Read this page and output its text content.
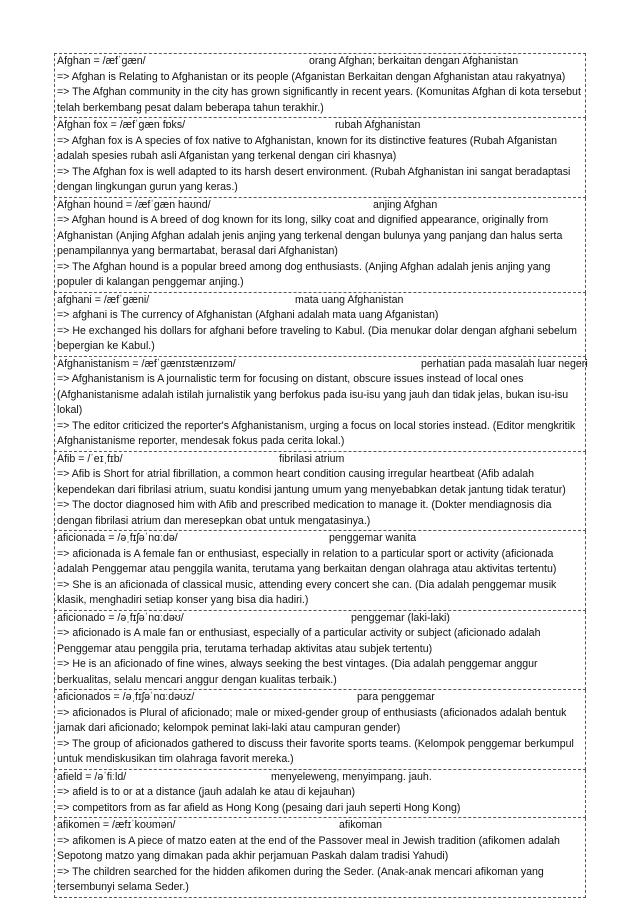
Afghan = /æfˈɡæn/	orang Afghan; berkaitan dengan Afghanistan
=> Afghan is Relating to Afghanistan or its people (Afganistan Berkaitan dengan Afghanistan atau rakyatnya)
=> The Afghan community in the city has grown significantly in recent years. (Komunitas Afghan di kota tersebut telah berkembang pesat dalam beberapa tahun terakhir.)
Afghan fox = /æfˈɡæn fɒks/	rubah Afghanistan
=> Afghan fox is A species of fox native to Afghanistan, known for its distinctive features (Rubah Afganistan adalah spesies rubah asli Afganistan yang terkenal dengan ciri khasnya)
=> The Afghan fox is well adapted to its harsh desert environment. (Rubah Afghanistan ini sangat beradaptasi dengan lingkungan gurun yang keras.)
Afghan hound = /æfˈɡæn haʊnd/	anjing Afghan
=> Afghan hound is A breed of dog known for its long, silky coat and dignified appearance, originally from Afghanistan (Anjing Afghan adalah jenis anjing yang terkenal dengan bulunya yang panjang dan halus serta penampilannya yang bermartabat, berasal dari Afghanistan)
=> The Afghan hound is a popular breed among dog enthusiasts. (Anjing Afghan adalah jenis anjing yang populer di kalangan penggemar anjing.)
afghani = /æfˈɡæni/	mata uang Afghanistan
=> afghani is The currency of Afghanistan (Afghani adalah mata uang Afganistan)
=> He exchanged his dollars for afghani before traveling to Kabul. (Dia menukar dolar dengan afghani sebelum bepergian ke Kabul.)
Afghanistanism = /æfˈɡænɪstænɪzəm/	perhatian pada masalah luar negeri
=> Afghanistanism is A journalistic term for focusing on distant, obscure issues instead of local ones (Afghanistanisme adalah istilah jurnalistik yang berfokus pada isu-isu yang jauh dan tidak jelas, bukan isu-isu lokal)
=> The editor criticized the reporter's Afghanistanism, urging a focus on local stories instead. (Editor mengkritik Afghanistanisme reporter, mendesak fokus pada cerita lokal.)
Afib = /ˈeɪˌfɪb/	fibrilasi atrium
=> Afib is Short for atrial fibrillation, a common heart condition causing irregular heartbeat (Afib adalah kependekan dari fibrilasi atrium, suatu kondisi jantung umum yang menyebabkan detak jantung tidak teratur)
=> The doctor diagnosed him with Afib and prescribed medication to manage it. (Dokter mendiagnosis dia dengan fibrilasi atrium dan meresepkan obat untuk mengatasinya.)
aficionada = /əˌfɪʃəˈnɑːdə/	penggemar wanita
=> aficionada is A female fan or enthusiast, especially in relation to a particular sport or activity (aficionada adalah Penggemar atau penggila wanita, terutama yang berkaitan dengan olahraga atau aktivitas tertentu)
=> She is an aficionada of classical music, attending every concert she can. (Dia adalah penggemar musik klasik, menghadiri setiap konser yang bisa dia hadiri.)
aficionado = /əˌfɪʃəˈnɑːdəʊ/	penggemar (laki-laki)
=> aficionado is A male fan or enthusiast, especially of a particular activity or subject (aficionado adalah Penggemar atau penggila pria, terutama terhadap aktivitas atau subjek tertentu)
=> He is an aficionado of fine wines, always seeking the best vintages. (Dia adalah penggemar anggur berkualitas, selalu mencari anggur dengan kualitas terbaik.)
aficionados = /əˌfɪʃəˈnɑːdəʊz/	para penggemar
=> aficionados is Plural of aficionado; male or mixed-gender group of enthusiasts (aficionados adalah bentuk jamak dari aficionado; kelompok peminat laki-laki atau campuran gender)
=> The group of aficionados gathered to discuss their favorite sports teams. (Kelompok penggemar berkumpul untuk mendiskusikan tim olahraga favorit mereka.)
afield = /əˈfiːld/	menyeleweng, menyimpang. jauh.
=> afield is to or at a distance (jauh adalah ke atau di kejauhan)
=> competitors from as far afield as Hong Kong (pesaing dari jauh seperti Hong Kong)
afikomen = /æfɪˈkoʊmən/	afikoman
=> afikomen is A piece of matzo eaten at the end of the Passover meal in Jewish tradition (afikomen adalah Sepotong matzo yang dimakan pada akhir perjamuan Paskah dalam tradisi Yahudi)
=> The children searched for the hidden afikomen during the Seder. (Anak-anak mencari afikoman yang tersembunyi selama Seder.)
